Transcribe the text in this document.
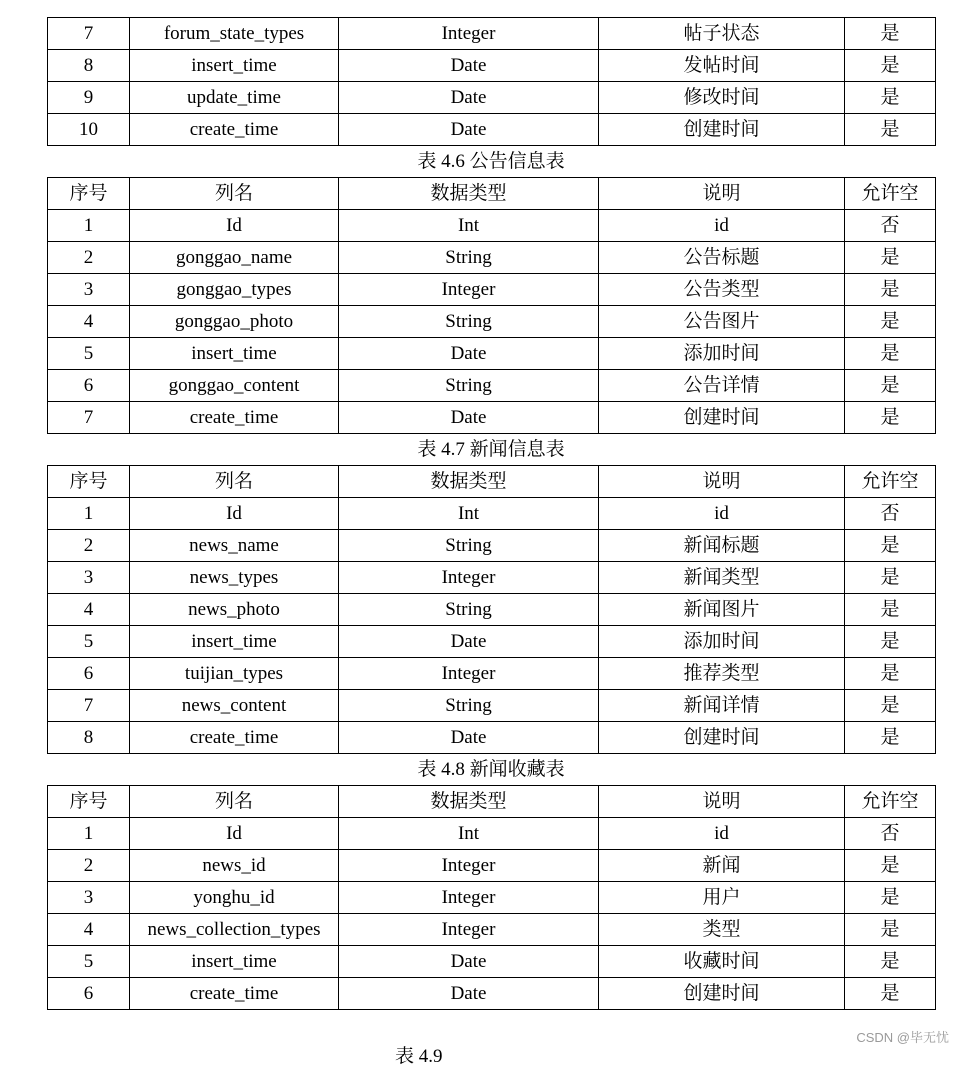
7	forum_state_types	Integer	帖子状态	是
8	insert_time	Date	发帖时间	是
9	update_time	Date	修改时间	是
10	create_time	Date	创建时间	是
表 4.6 公告信息表
序号	列名	数据类型	说明	允许空
1	Id	Int	id	否
2	gonggao_name	String	公告标题	是
3	gonggao_types	Integer	公告类型	是
4	gonggao_photo	String	公告图片	是
5	insert_time	Date	添加时间	是
6	gonggao_content	String	公告详情	是
7	create_time	Date	创建时间	是
表 4.7 新闻信息表
序号	列名	数据类型	说明	允许空
1	Id	Int	id	否
2	news_name	String	新闻标题	是
3	news_types	Integer	新闻类型	是
4	news_photo	String	新闻图片	是
5	insert_time	Date	添加时间	是
6	tuijian_types	Integer	推荐类型	是
7	news_content	String	新闻详情	是
8	create_time	Date	创建时间	是
表 4.8 新闻收藏表
序号	列名	数据类型	说明	允许空
1	Id	Int	id	否
2	news_id	Integer	新闻	是
3	yonghu_id	Integer	用户	是
4	news_collection_types	Integer	类型	是
5	insert_time	Date	收藏时间	是
6	create_time	Date	创建时间	是
表 4.9
CSDN @毕无忧
